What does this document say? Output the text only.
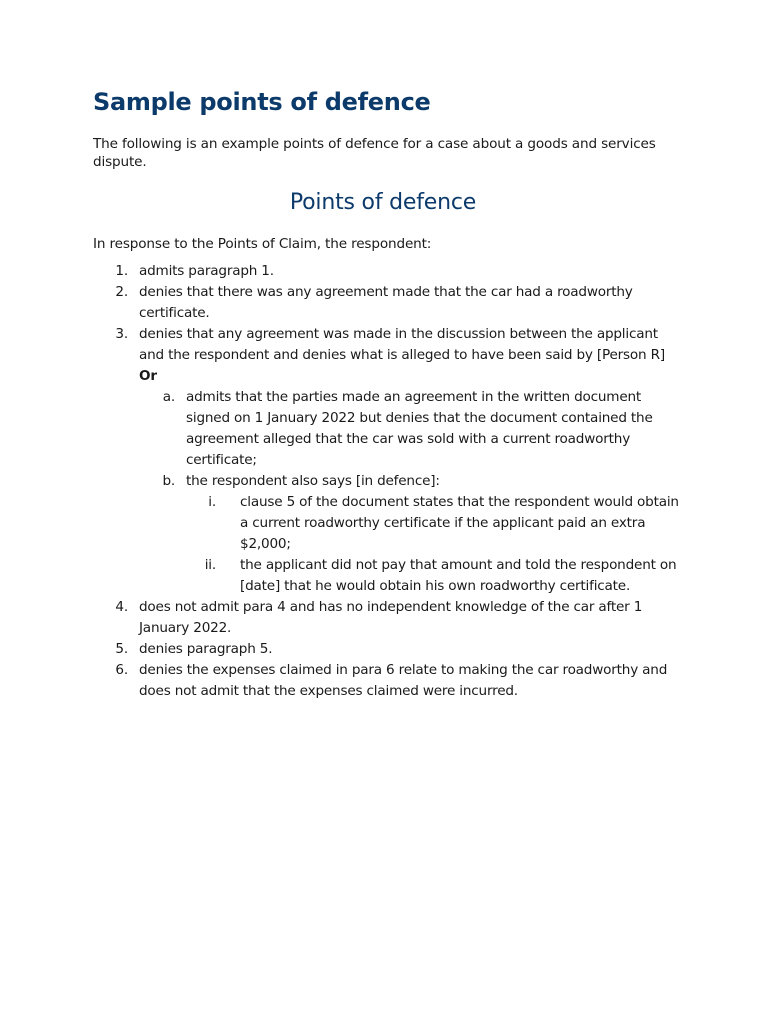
Sample points of defence

The following is an example points of defence for a case about a goods and services dispute.

Points of defence

In response to the Points of Claim, the respondent:

1. admits paragraph 1.
2. denies that there was any agreement made that the car had a roadworthy certificate.
3. denies that any agreement was made in the discussion between the applicant and the respondent and denies what is alleged to have been said by [Person R]
Or
a. admits that the parties made an agreement in the written document signed on 1 January 2022 but denies that the document contained the agreement alleged that the car was sold with a current roadworthy certificate;
b. the respondent also says [in defence]:
i. clause 5 of the document states that the respondent would obtain a current roadworthy certificate if the applicant paid an extra $2,000;
ii. the applicant did not pay that amount and told the respondent on [date] that he would obtain his own roadworthy certificate.
4. does not admit para 4 and has no independent knowledge of the car after 1 January 2022.
5. denies paragraph 5.
6. denies the expenses claimed in para 6 relate to making the car roadworthy and does not admit that the expenses claimed were incurred.
